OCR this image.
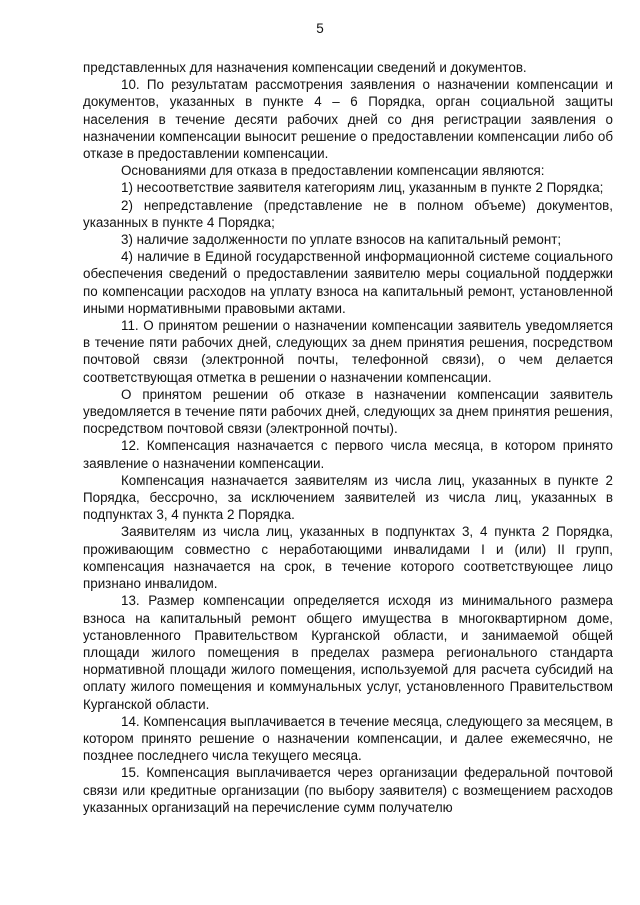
5

представленных для назначения компенсации сведений и документов.

10. По результатам рассмотрения заявления о назначении компенсации и документов, указанных в пункте 4 – 6 Порядка, орган социальной защиты населения в течение десяти рабочих дней со дня регистрации заявления о назначении компенсации выносит решение о предоставлении компенсации либо об отказе в предоставлении компенсации.

Основаниями для отказа в предоставлении компенсации являются:

1) несоответствие заявителя категориям лиц, указанным в пункте 2 Порядка;

2) непредставление (представление не в полном объеме) документов, указанных в пункте 4 Порядка;

3) наличие задолженности по уплате взносов на капитальный ремонт;

4) наличие в Единой государственной информационной системе социального обеспечения сведений о предоставлении заявителю меры социальной поддержки по компенсации расходов на уплату взноса на капитальный ремонт, установленной иными нормативными правовыми актами.

11. О принятом решении о назначении компенсации заявитель уведомляется в течение пяти рабочих дней, следующих за днем принятия решения, посредством почтовой связи (электронной почты, телефонной связи), о чем делается соответствующая отметка в решении о назначении компенсации.

О принятом решении об отказе в назначении компенсации заявитель уведомляется в течение пяти рабочих дней, следующих за днем принятия решения, посредством почтовой связи (электронной почты).

12. Компенсация назначается с первого числа месяца, в котором принято заявление о назначении компенсации.

Компенсация назначается заявителям из числа лиц, указанных в пункте 2 Порядка, бессрочно, за исключением заявителей из числа лиц, указанных в подпунктах 3, 4 пункта 2 Порядка.

Заявителям из числа лиц, указанных в подпунктах 3, 4 пункта 2 Порядка, проживающим совместно с неработающими инвалидами I и (или) II групп, компенсация назначается на срок, в течение которого соответствующее лицо признано инвалидом.

13. Размер компенсации определяется исходя из минимального размера взноса на капитальный ремонт общего имущества в многоквартирном доме, установленного Правительством Курганской области, и занимаемой общей площади жилого помещения в пределах размера регионального стандарта нормативной площади жилого помещения, используемой для расчета субсидий на оплату жилого помещения и коммунальных услуг, установленного Правительством Курганской области.

14. Компенсация выплачивается в течение месяца, следующего за месяцем, в котором принято решение о назначении компенсации, и далее ежемесячно, не позднее последнего числа текущего месяца.

15. Компенсация выплачивается через организации федеральной почтовой связи или кредитные организации (по выбору заявителя) с возмещением расходов указанных организаций на перечисление сумм получателю
